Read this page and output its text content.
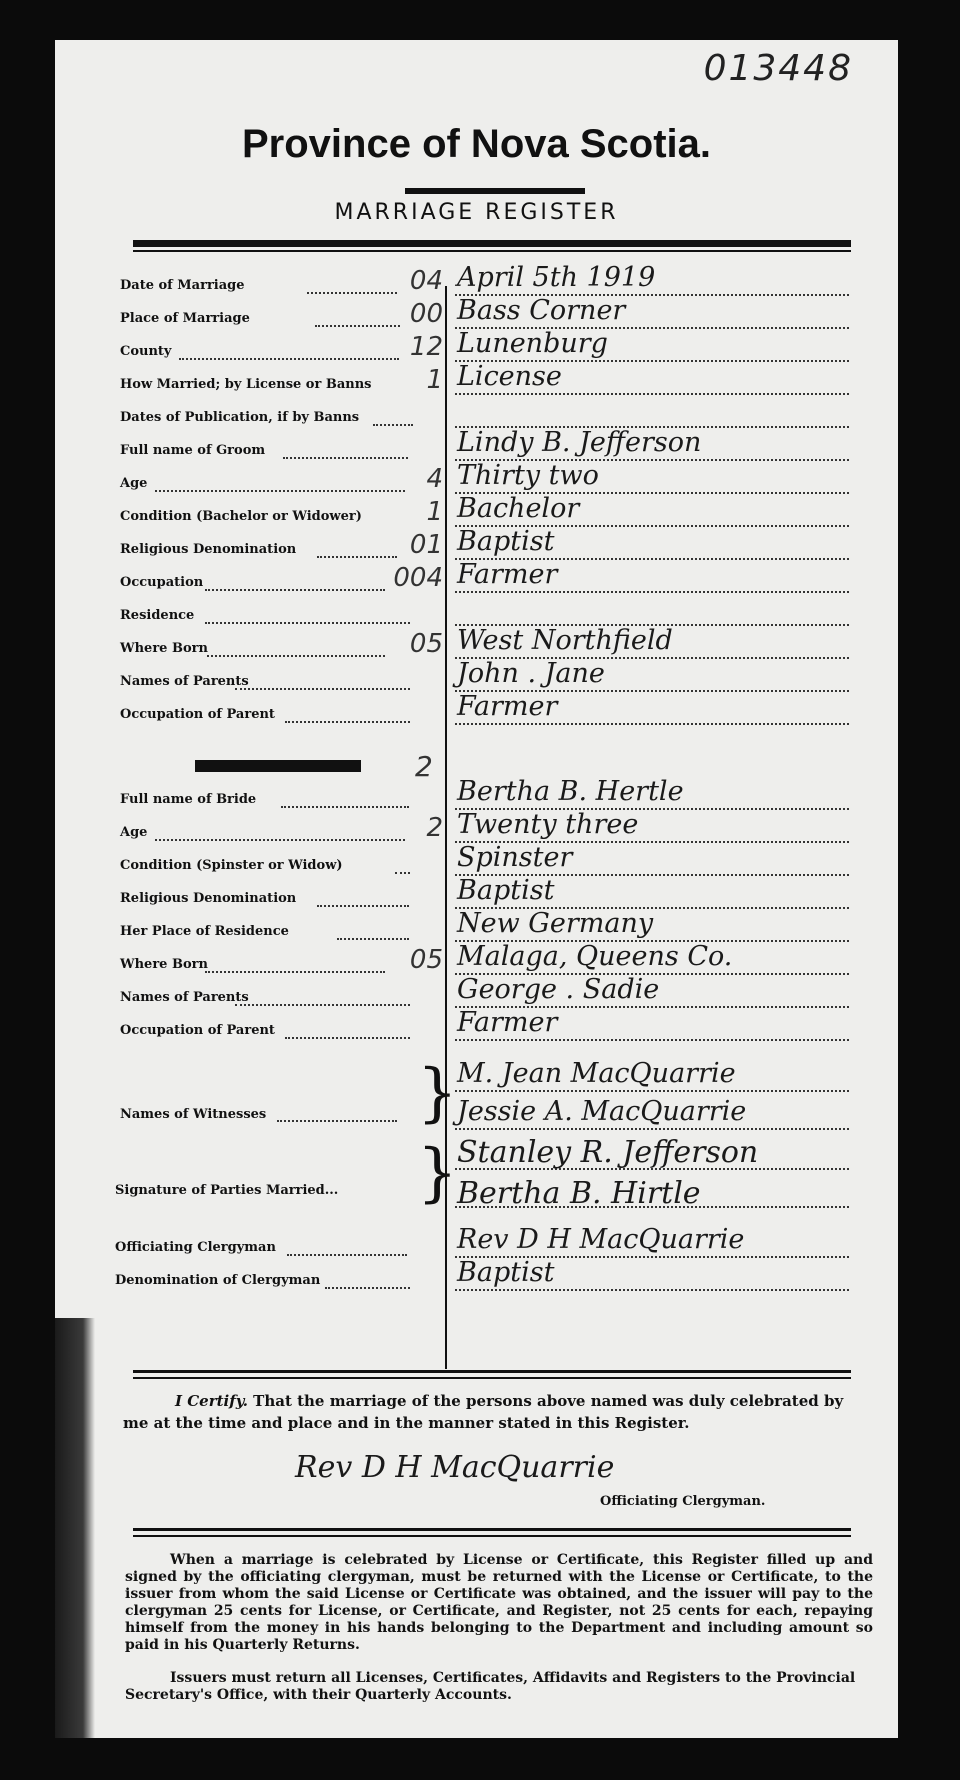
013448
Province of Nova Scotia.
MARRIAGE REGISTER
Date of Marriage	04 April 5th 1919
Place of Marriage	00 Bass Corner
County	12 Lunenburg
How Married; by License or Banns	1 License
Dates of Publication, if by Banns
Full name of Groom	Lindy B. Jefferson
Age	4 Thirty two
Condition (Bachelor or Widower)	1 Bachelor
Religious Denomination	01 Baptist
Occupation	004 Farmer
Residence
Where Born	05 West Northfield
Names of Parents	John . Jane
Occupation of Parent	Farmer
2
Full name of Bride	Bertha B. Hertle
Age	2 Twenty three
Condition (Spinster or Widow)	Spinster
Religious Denomination	Baptist
Her Place of Residence	New Germany
Where Born	05 Malaga, Queens Co.
Names of Parents	George . Sadie
Occupation of Parent	Farmer
Names of Witnesses } M. Jean MacQuarrie
Jessie A. MacQuarrie
Signature of Parties Married... } Stanley R. Jefferson
Bertha B. Hirtle
Officiating Clergyman	Rev D H MacQuarrie
Denomination of Clergyman	Baptist
I Certify. That the marriage of the persons above named was duly celebrated by me at the time and place and in the manner stated in this Register.
Rev D H MacQuarrie
Officiating Clergyman.
When a marriage is celebrated by License or Certificate, this Register filled up and signed by the officiating clergyman, must be returned with the License or Certificate, to the issuer from whom the said License or Certificate was obtained, and the issuer will pay to the clergyman 25 cents for License, or Certificate, and Register, not 25 cents for each, repaying himself from the money in his hands belonging to the Department and including amount so paid in his Quarterly Returns.
Issuers must return all Licenses, Certificates, Affidavits and Registers to the Provincial Secretary's Office, with their Quarterly Accounts.
